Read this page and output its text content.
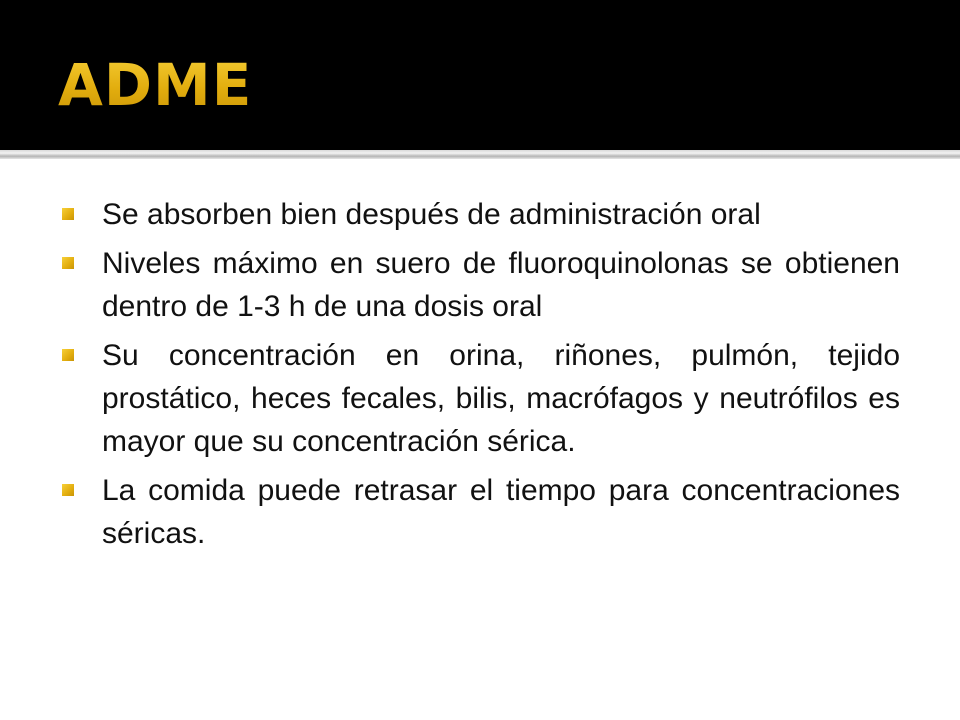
ADME
Se absorben bien después de administración oral
Niveles máximo en suero de fluoroquinolonas se obtienen dentro de 1-3 h de una dosis oral
Su concentración en orina, riñones, pulmón, tejido prostático, heces fecales, bilis, macrófagos y neutrófilos es mayor que su concentración sérica.
La comida puede retrasar el tiempo para concentraciones séricas.
